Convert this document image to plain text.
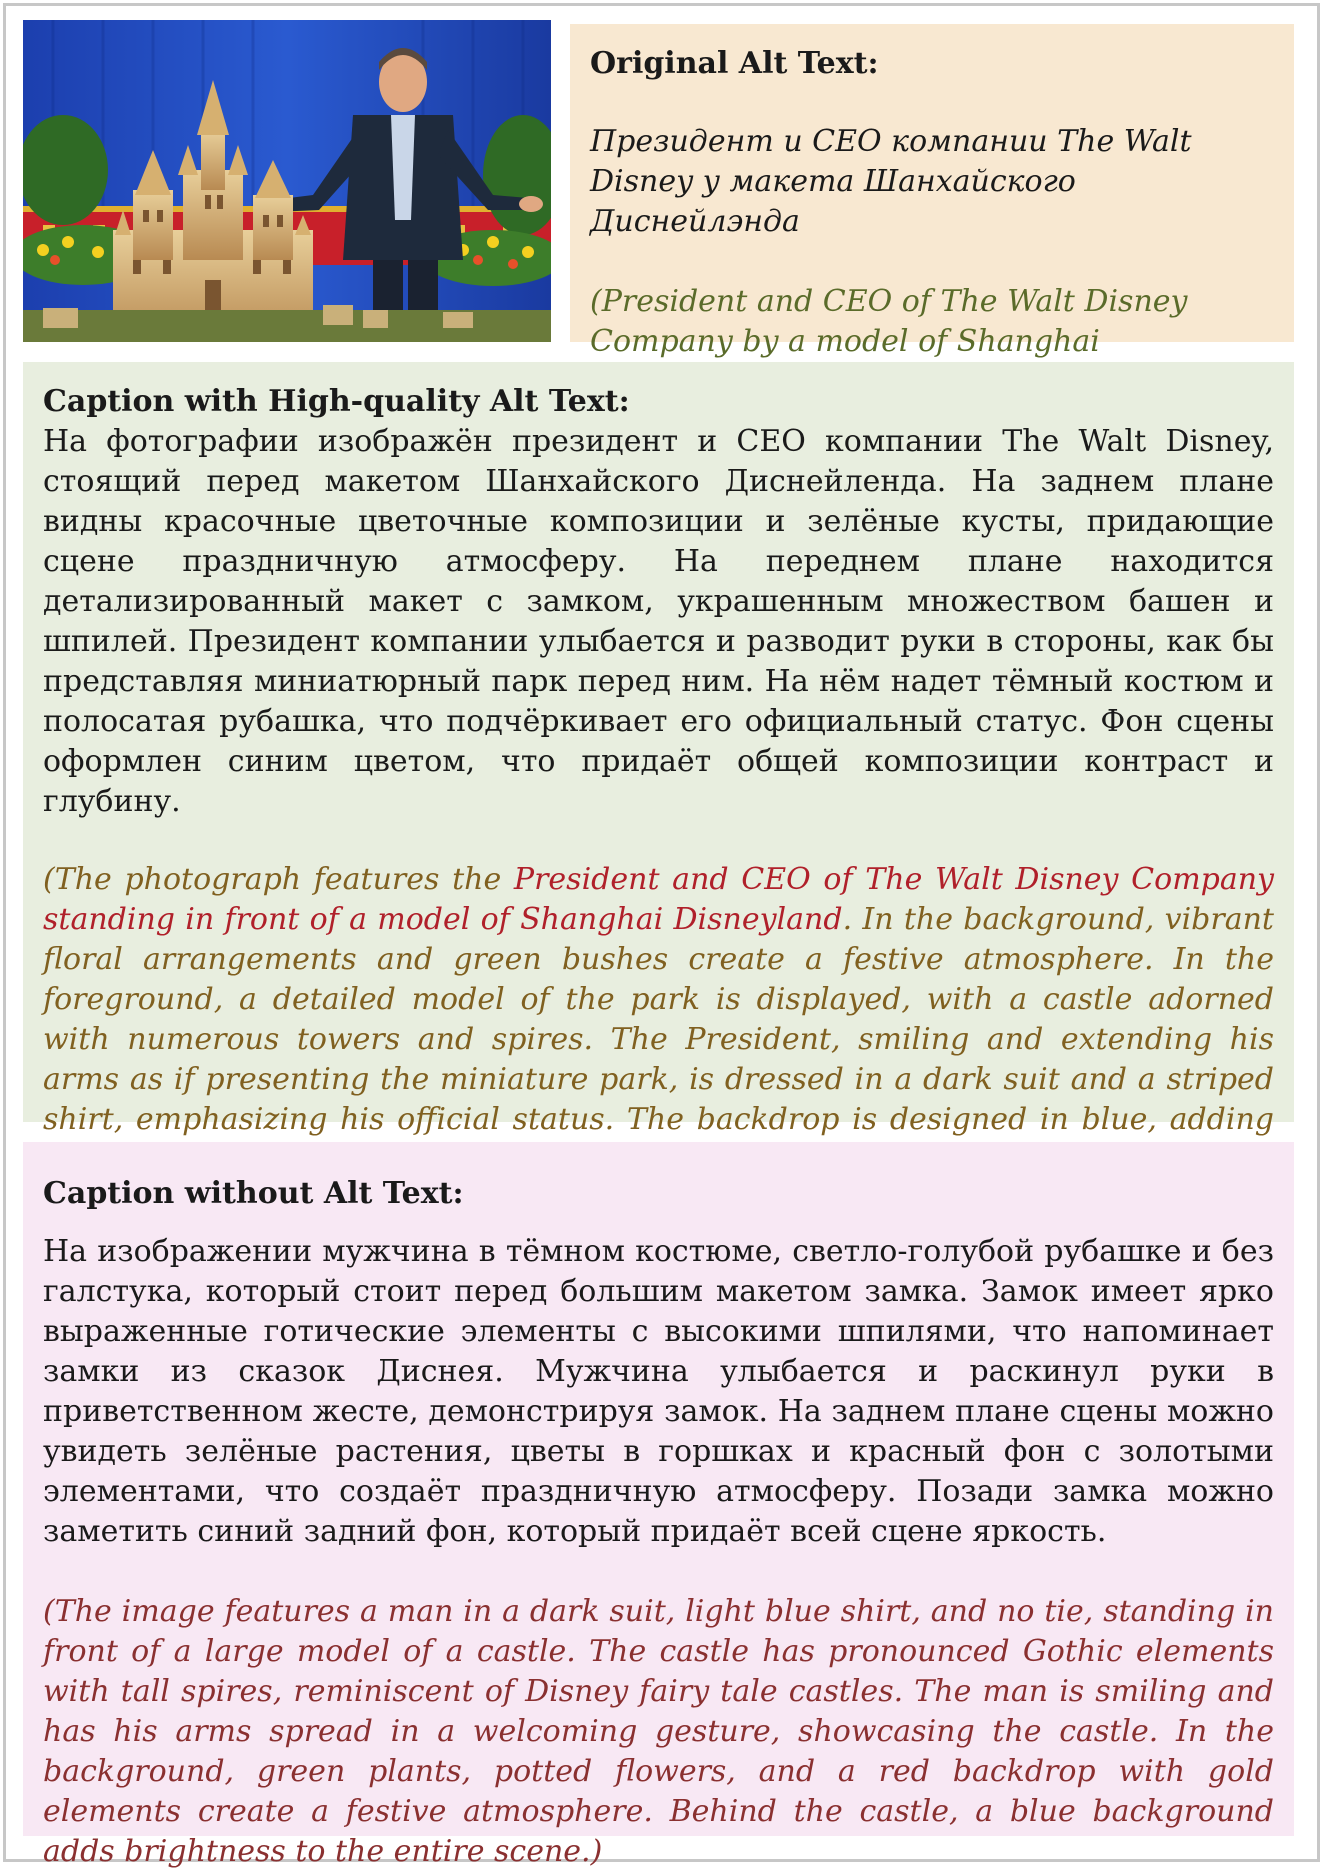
Original Alt Text:

Президент и CEO компании The Walt Disney у макета Шанхайского Диснейлэнда

(President and CEO of The Walt Disney Company by a model of Shanghai

Caption with High-quality Alt Text:

На фотографии изображён президент и CEO компании The Walt Disney, стоящий перед макетом Шанхайского Диснейленда. На заднем плане видны красочные цветочные композиции и зелёные кусты, придающие сцене праздничную атмосферу. На переднем плане находится детализированный макет с замком, украшенным множеством башен и шпилей. Президент компании улыбается и разводит руки в стороны, как бы представляя миниатюрный парк перед ним. На нём надет тёмный костюм и полосатая рубашка, что подчёркивает его официальный статус. Фон сцены оформлен синим цветом, что придаёт общей композиции контраст и глубину.

(The photograph features the President and CEO of The Walt Disney Company standing in front of a model of Shanghai Disneyland. In the background, vibrant floral arrangements and green bushes create a festive atmosphere. In the foreground, a detailed model of the park is displayed, with a castle adorned with numerous towers and spires. The President, smiling and extending his arms as if presenting the miniature park, is dressed in a dark suit and a striped shirt, emphasizing his official status. The backdrop is designed in blue, adding

Caption without Alt Text:

На изображении мужчина в тёмном костюме, светло-голубой рубашке и без галстука, который стоит перед большим макетом замка. Замок имеет ярко выраженные готические элементы с высокими шпилями, что напоминает замки из сказок Диснея. Мужчина улыбается и раскинул руки в приветственном жесте, демонстрируя замок. На заднем плане сцены можно увидеть зелёные растения, цветы в горшках и красный фон с золотыми элементами, что создаёт праздничную атмосферу. Позади замка можно заметить синий задний фон, который придаёт всей сцене яркость.

(The image features a man in a dark suit, light blue shirt, and no tie, standing in front of a large model of a castle. The castle has pronounced Gothic elements with tall spires, reminiscent of Disney fairy tale castles. The man is smiling and has his arms spread in a welcoming gesture, showcasing the castle. In the background, green plants, potted flowers, and a red backdrop with gold elements create a festive atmosphere. Behind the castle, a blue background adds brightness to the entire scene.)
